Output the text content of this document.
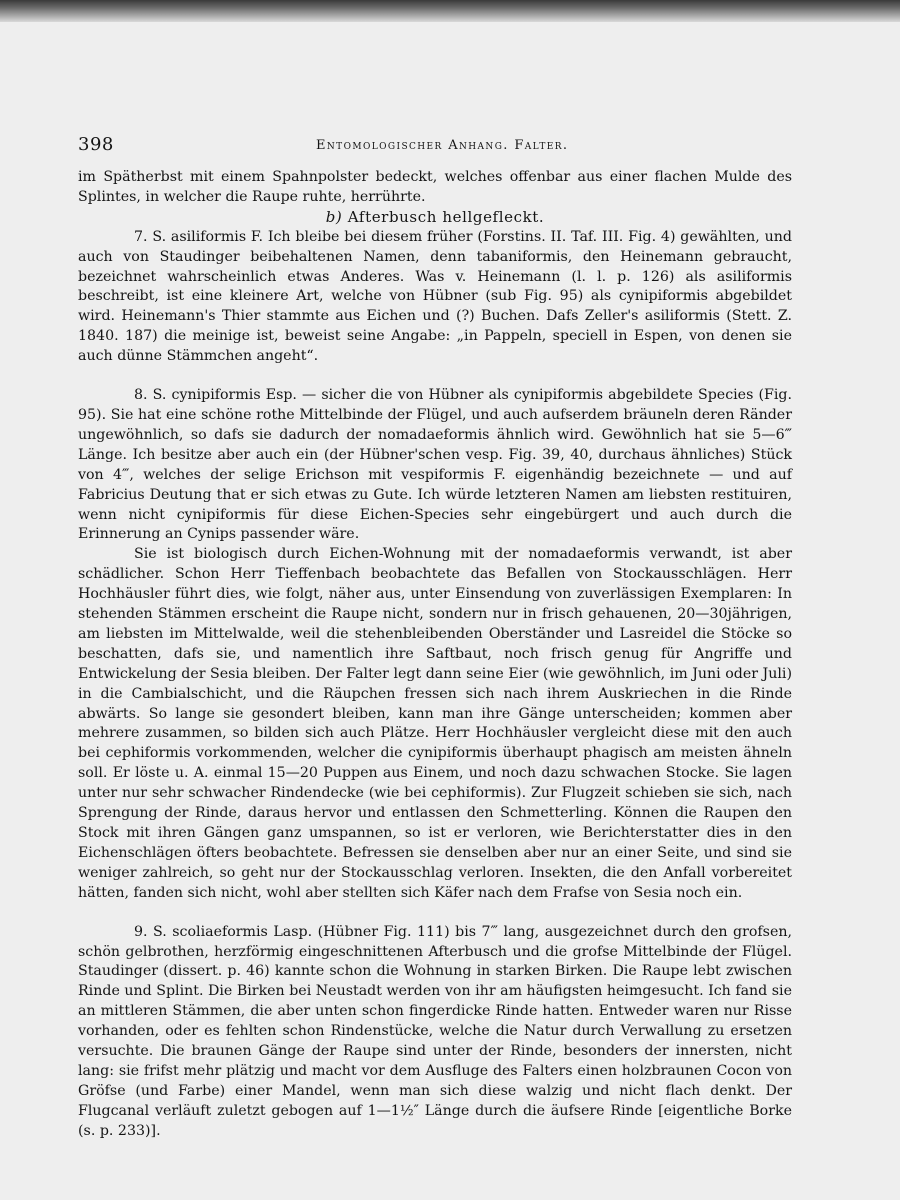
398	Entomologischer Anhang. Falter.

im Spätherbst mit einem Spahnpolster bedeckt, welches offenbar aus einer flachen Mulde des Splintes, in welcher die Raupe ruhte, herrührte.

b) Afterbusch hellgefleckt.

7. S. asiliformis F. Ich bleibe bei diesem früher (Forstins. II. Taf. III. Fig. 4) gewählten, und auch von Staudinger beibehaltenen Namen, denn tabaniformis, den Heinemann gebraucht, bezeichnet wahrscheinlich etwas Anderes. Was v. Heinemann (l. l. p. 126) als asiliformis beschreibt, ist eine kleinere Art, welche von Hübner (sub Fig. 95) als cynipiformis abgebildet wird. Heinemann's Thier stammte aus Eichen und (?) Buchen. Dafs Zeller's asiliformis (Stett. Z. 1840. 187) die meinige ist, beweist seine Angabe: „in Pappeln, speciell in Espen, von denen sie auch dünne Stämmchen angeht“.

8. S. cynipiformis Esp. — sicher die von Hübner als cynipiformis abgebildete Species (Fig. 95). Sie hat eine schöne rothe Mittelbinde der Flügel, und auch aufserdem bräuneln deren Ränder ungewöhnlich, so dafs sie dadurch der nomadaeformis ähnlich wird. Gewöhnlich hat sie 5—6‴ Länge. Ich besitze aber auch ein (der Hübner'schen vesp. Fig. 39, 40, durchaus ähnliches) Stück von 4‴, welches der selige Erichson mit vespiformis F. eigenhändig bezeichnete — und auf Fabricius Deutung that er sich etwas zu Gute. Ich würde letzteren Namen am liebsten restituiren, wenn nicht cynipiformis für diese Eichen-Species sehr eingebürgert und auch durch die Erinnerung an Cynips passender wäre.

Sie ist biologisch durch Eichen-Wohnung mit der nomadaeformis verwandt, ist aber schädlicher. Schon Herr Tieffenbach beobachtete das Befallen von Stockausschlägen. Herr Hochhäusler führt dies, wie folgt, näher aus, unter Einsendung von zuverlässigen Exemplaren: In stehenden Stämmen erscheint die Raupe nicht, sondern nur in frisch gehauenen, 20—30jährigen, am liebsten im Mittelwalde, weil die stehenbleibenden Oberständer und Lasreidel die Stöcke so beschatten, dafs sie, und namentlich ihre Saftbaut, noch frisch genug für Angriffe und Entwickelung der Sesia bleiben. Der Falter legt dann seine Eier (wie gewöhnlich, im Juni oder Juli) in die Cambialschicht, und die Räupchen fressen sich nach ihrem Auskriechen in die Rinde abwärts. So lange sie gesondert bleiben, kann man ihre Gänge unterscheiden; kommen aber mehrere zusammen, so bilden sich auch Plätze. Herr Hochhäusler vergleicht diese mit den auch bei cephiformis vorkommenden, welcher die cynipiformis überhaupt phagisch am meisten ähneln soll. Er löste u. A. einmal 15—20 Puppen aus Einem, und noch dazu schwachen Stocke. Sie lagen unter nur sehr schwacher Rindendecke (wie bei cephiformis). Zur Flugzeit schieben sie sich, nach Sprengung der Rinde, daraus hervor und entlassen den Schmetterling. Können die Raupen den Stock mit ihren Gängen ganz umspannen, so ist er verloren, wie Berichterstatter dies in den Eichenschlägen öfters beobachtete. Befressen sie denselben aber nur an einer Seite, und sind sie weniger zahlreich, so geht nur der Stockausschlag verloren. Insekten, die den Anfall vorbereitet hätten, fanden sich nicht, wohl aber stellten sich Käfer nach dem Frafse von Sesia noch ein.

9. S. scoliaeformis Lasp. (Hübner Fig. 111) bis 7‴ lang, ausgezeichnet durch den grofsen, schön gelbrothen, herzförmig eingeschnittenen Afterbusch und die grofse Mittelbinde der Flügel. Staudinger (dissert. p. 46) kannte schon die Wohnung in starken Birken. Die Raupe lebt zwischen Rinde und Splint. Die Birken bei Neustadt werden von ihr am häufigsten heimgesucht. Ich fand sie an mittleren Stämmen, die aber unten schon fingerdicke Rinde hatten. Entweder waren nur Risse vorhanden, oder es fehlten schon Rindenstücke, welche die Natur durch Verwallung zu ersetzen versuchte. Die braunen Gänge der Raupe sind unter der Rinde, besonders der innersten, nicht lang: sie frifst mehr plätzig und macht vor dem Ausfluge des Falters einen holzbraunen Cocon von Gröfse (und Farbe) einer Mandel, wenn man sich diese walzig und nicht flach denkt. Der Flugcanal verläuft zuletzt gebogen auf 1—1½″ Länge durch die äufsere Rinde [eigentliche Borke (s. p. 233)].
